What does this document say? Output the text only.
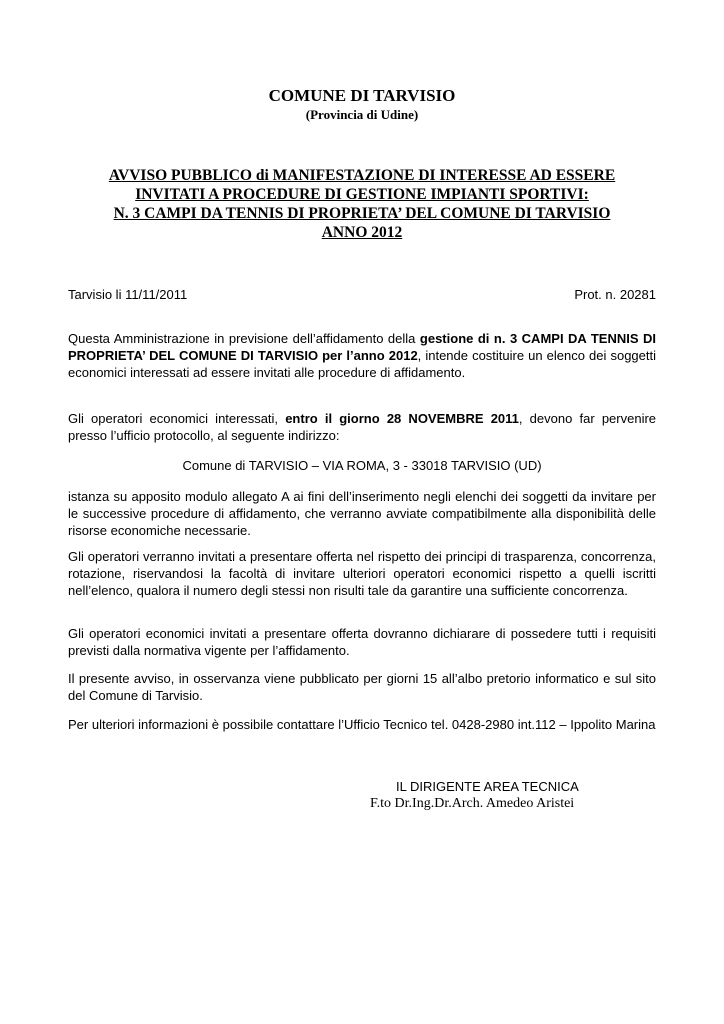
COMUNE DI TARVISIO
(Provincia di Udine)
AVVISO PUBBLICO di MANIFESTAZIONE DI INTERESSE AD ESSERE
INVITATI A PROCEDURE DI GESTIONE IMPIANTI SPORTIVI:
N. 3 CAMPI DA TENNIS DI PROPRIETA’ DEL COMUNE DI TARVISIO
ANNO 2012
Tarvisio li 11/11/2011	Prot. n. 20281
Questa Amministrazione in previsione dell’affidamento della gestione di n. 3 CAMPI DA TENNIS DI PROPRIETA’ DEL COMUNE DI TARVISIO per l’anno 2012, intende costituire un elenco dei soggetti economici interessati ad essere invitati alle procedure di affidamento.
Gli operatori economici interessati, entro il giorno 28 NOVEMBRE 2011, devono far pervenire presso l’ufficio protocollo, al seguente indirizzo:
Comune di TARVISIO – VIA ROMA, 3 - 33018 TARVISIO (UD)
istanza su apposito modulo allegato A ai fini dell’inserimento negli elenchi dei soggetti da invitare per le successive procedure di affidamento, che verranno avviate compatibilmente alla disponibilità delle risorse economiche necessarie.
Gli operatori verranno invitati a presentare offerta nel rispetto dei principi di trasparenza, concorrenza, rotazione, riservandosi la facoltà di invitare ulteriori operatori economici rispetto a quelli iscritti nell’elenco, qualora il numero degli stessi non risulti tale da garantire una sufficiente concorrenza.
Gli operatori economici invitati a presentare offerta dovranno dichiarare di possedere tutti i requisiti previsti dalla normativa vigente per l’affidamento.
Il presente avviso, in osservanza viene pubblicato per giorni 15 all’albo pretorio informatico e sul sito del Comune di Tarvisio.
Per ulteriori informazioni è possibile contattare l’Ufficio Tecnico tel. 0428-2980 int.112 – Ippolito Marina
IL DIRIGENTE AREA TECNICA
F.to Dr.Ing.Dr.Arch. Amedeo Aristei
